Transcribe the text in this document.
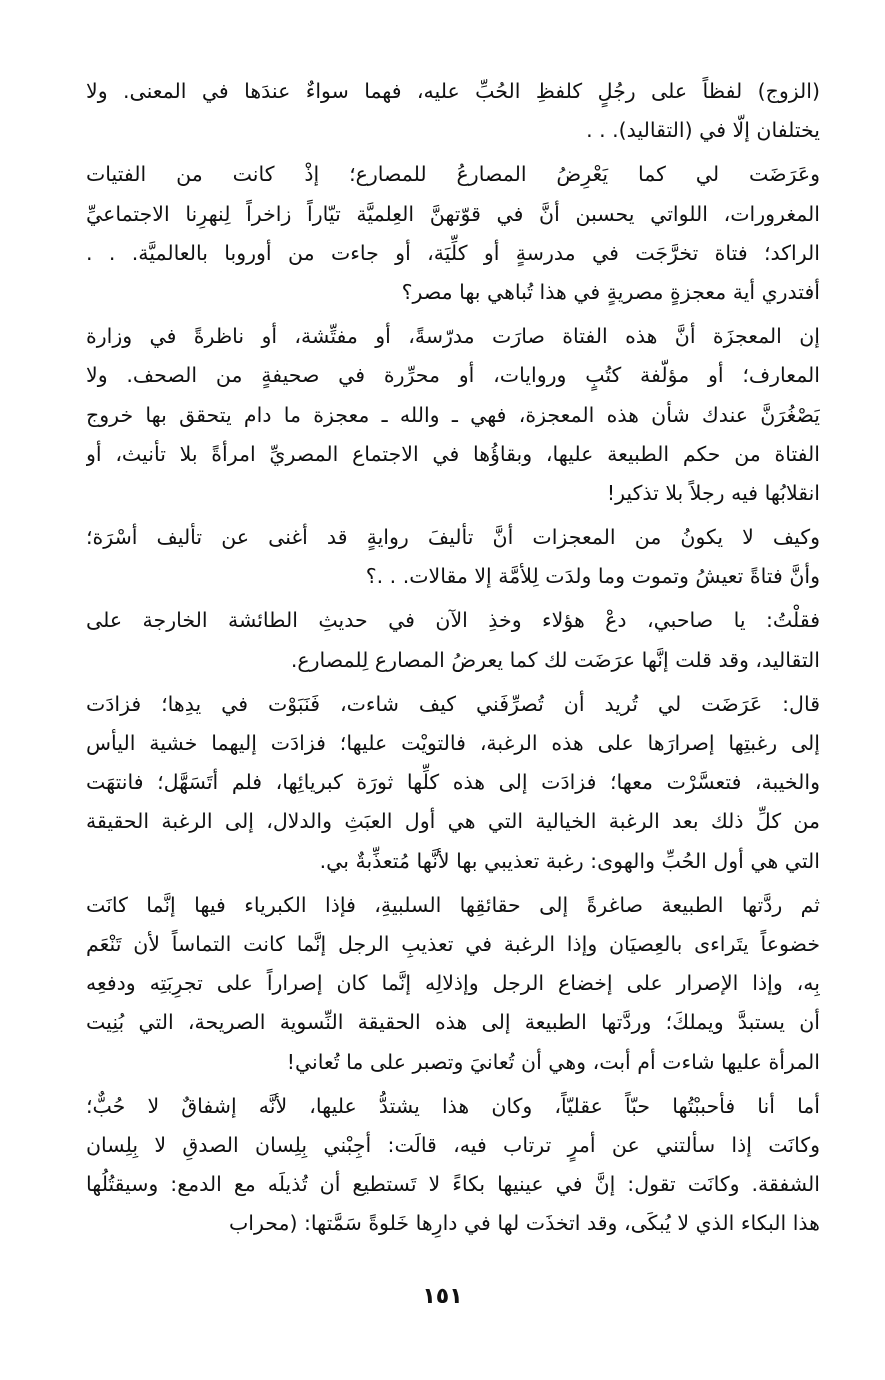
(الزوج) لفظاً على رجُلٍ كلفظِ الحُبِّ عليه، فهما سواءٌ عندَها في المعنى. ولا
يختلفان إلّا في (التقاليد). . .

وعَرَضَت لي كما يَعْرِضُ المصارعُ للمصارع؛ إذْ كانت من الفتيات
المغرورات، اللواتي يحسبن أنَّ في قوّتهنَّ العِلميَّة تيّاراً زاخراً لِنهرِنا الاجتماعيِّ
الراكد؛ فتاة تخرَّجَت في مدرسةٍ أو كلِّيَة، أو جاءت من أوروبا بالعالميَّة. . .
أفتدري أية معجزةٍ مصريةٍ في هذا تُباهي بها مصر؟

إن المعجزَة أنَّ هذه الفتاة صارَت مدرّسةً، أو مفتِّشة، أو ناظرةً في وزارة
المعارف؛ أو مؤلّفة كتُبٍ وروايات، أو محرِّرة في صحيفةٍ من الصحف. ولا
يَصْغُرَنَّ عندك شأن هذه المعجزة، فهي ـ والله ـ معجزة ما دام يتحقق بها خروج
الفتاة من حكم الطبيعة عليها، وبقاؤُها في الاجتماع المصريِّ امرأةً بلا تأنيث، أو
انقلابُها فيه رجلاً بلا تذكير!

وكيف لا يكونُ من المعجزات أنَّ تأليفَ روايةٍ قد أغنى عن تأليف أسْرَة؛
وأنَّ فتاةً تعيشُ وتموت وما ولدَت لِلأمَّة إلا مقالات. . .؟

فقلْتُ: يا صاحبي، دعْ هؤلاء وخذِ الآن في حديثِ الطائشة الخارجة على
التقاليد، وقد قلت إنَّها عرَضَت لك كما يعرضُ المصارع لِلمصارع.

قال: عَرَضَت لي تُريد أن تُصرِّفَني كيف شاءت، فَنَبَوْت في يدِها؛ فزادَت
إلى رغبتِها إصرارَها على هذه الرغبة، فالتويْت عليها؛ فزادَت إليهما خشية اليأس
والخيبة، فتعسَّرْت معها؛ فزادَت إلى هذه كلِّها ثورَة كبريائِها، فلم أتَسَهَّل؛ فانتهَت
من كلِّ ذلك بعد الرغبة الخيالية التي هي أول العبَثِ والدلال، إلى الرغبة الحقيقة
التي هي أول الحُبِّ والهوى: رغبة تعذيبي بها لأنَّها مُتعذِّبةٌ بي.

ثم ردَّتها الطبيعة صاغرةً إلى حقائقِها السلبيةِ، فإذا الكبرياء فيها إنَّما كانَت
خضوعاً يتَراءى بالعِصيَان وإذا الرغبة في تعذيبِ الرجل إنَّما كانت التماساً لأن تَنْعَم
بِه، وإذا الإصرار على إخضاع الرجل وإذلالِه إنَّما كان إصراراً على تجرِبَتِه ودفعِه
أن يستبدَّ ويملكَ؛ وردَّتها الطبيعة إلى هذه الحقيقة النِّسوية الصريحة، التي بُنِيت
المرأة عليها شاءت أم أبت، وهي أن تُعانيَ وتصبر على ما تُعاني!

أما أنا فأحببْتُها حبّاً عقليّاً، وكان هذا يشتدُّ عليها، لأنَّه إشفاقٌ لا حُبٌّ؛
وكانَت إذا سألتني عن أمرٍ ترتاب فيه، قالَت: أجِبْني بِلِسان الصدقِ لا بِلِسان
الشفقة. وكانَت تقول: إنَّ في عينيها بكاءً لا تَستطيع أن تُذيلَه مع الدمع: وسيقتُلُها
هذا البكاء الذي لا يُبكَى، وقد اتخذَت لها في دارِها خَلوةً سَمَّتها: (محراب

١٥١
